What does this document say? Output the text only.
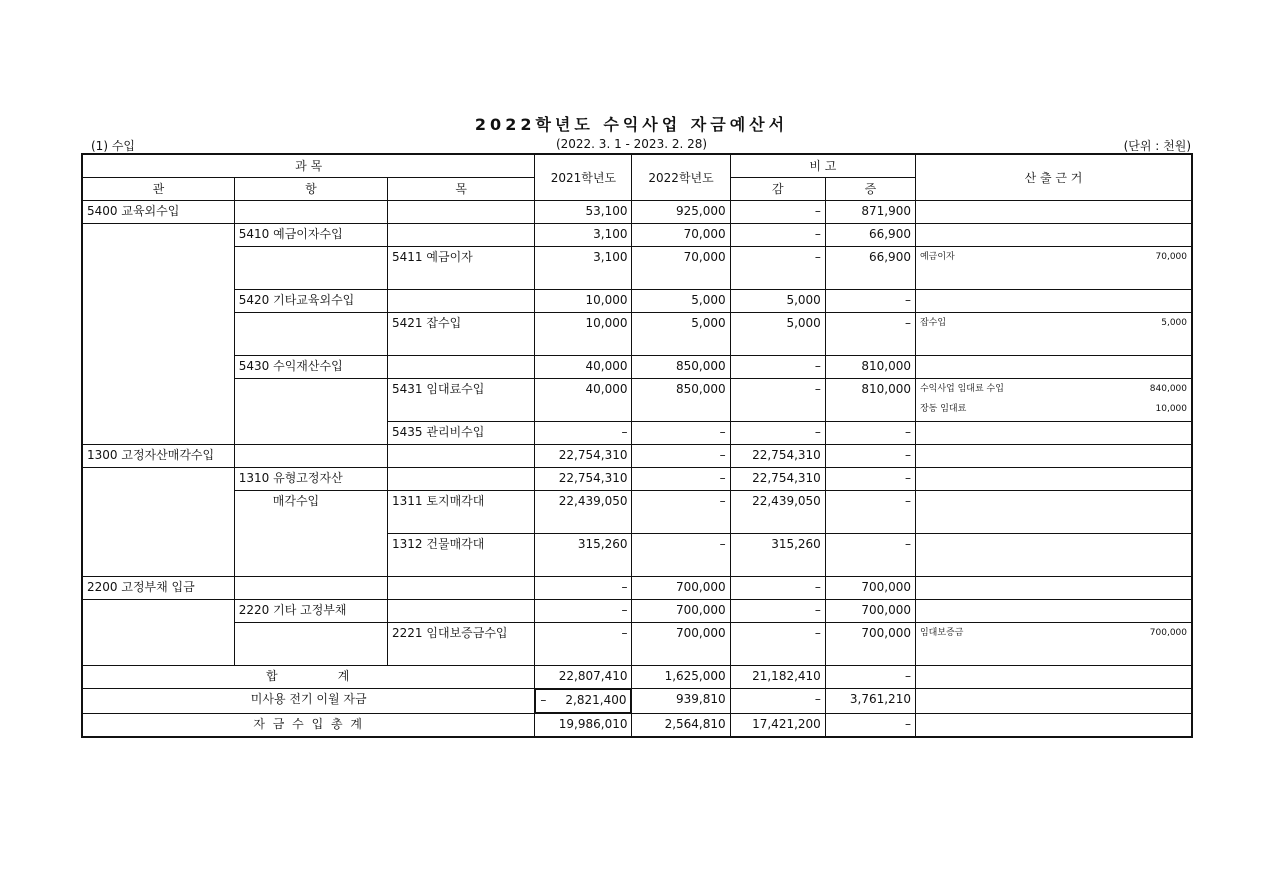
2022학년도 수익사업 자금예산서
(1) 수입	(2022. 3. 1 - 2023. 2. 28)	(단위 : 천원)
과 목			2021학년도	2022학년도	비 고		산 출 근 거
관	항	목			감	증	
5400 교육외수입			53,100	925,000	–	871,900	
	5410 예금이자수입		3,100	70,000	–	66,900	
		5411 예금이자	3,100	70,000	–	66,900	예금이자 70,000

	5420 기타교육외수입		10,000	5,000	5,000	–	
		5421 잡수입	10,000	5,000	5,000	–	잡수입 5,000

	5430 수익재산수입		40,000	850,000	–	810,000	
		5431 임대료수입	40,000	850,000	–	810,000	수익사업 임대료 수입 840,000
장동 임대료 10,000

		5435 관리비수입	–	–	–	–	
1300 고정자산매각수입			22,754,310	–	22,754,310	–	
	1310 유형고정자산		22,754,310	–	22,754,310	–	
	매각수입	1311 토지매각대	22,439,050	–	22,439,050	–	
		1312 건물매각대	315,260	–	315,260	–	
2200 고정부채 입금			–	700,000	–	700,000	
	2220 기타 고정부채		–	700,000	–	700,000	
		2221 임대보증금수입	–	700,000	–	700,000	임대보증금 700,000

합          계			22,807,410	1,625,000	21,182,410	–	
미사용 전기 이월 자금		– 2,821,400	939,810	–	3,761,210	
자 금 수 입 총 계			19,986,010	2,564,810	17,421,200	–	
